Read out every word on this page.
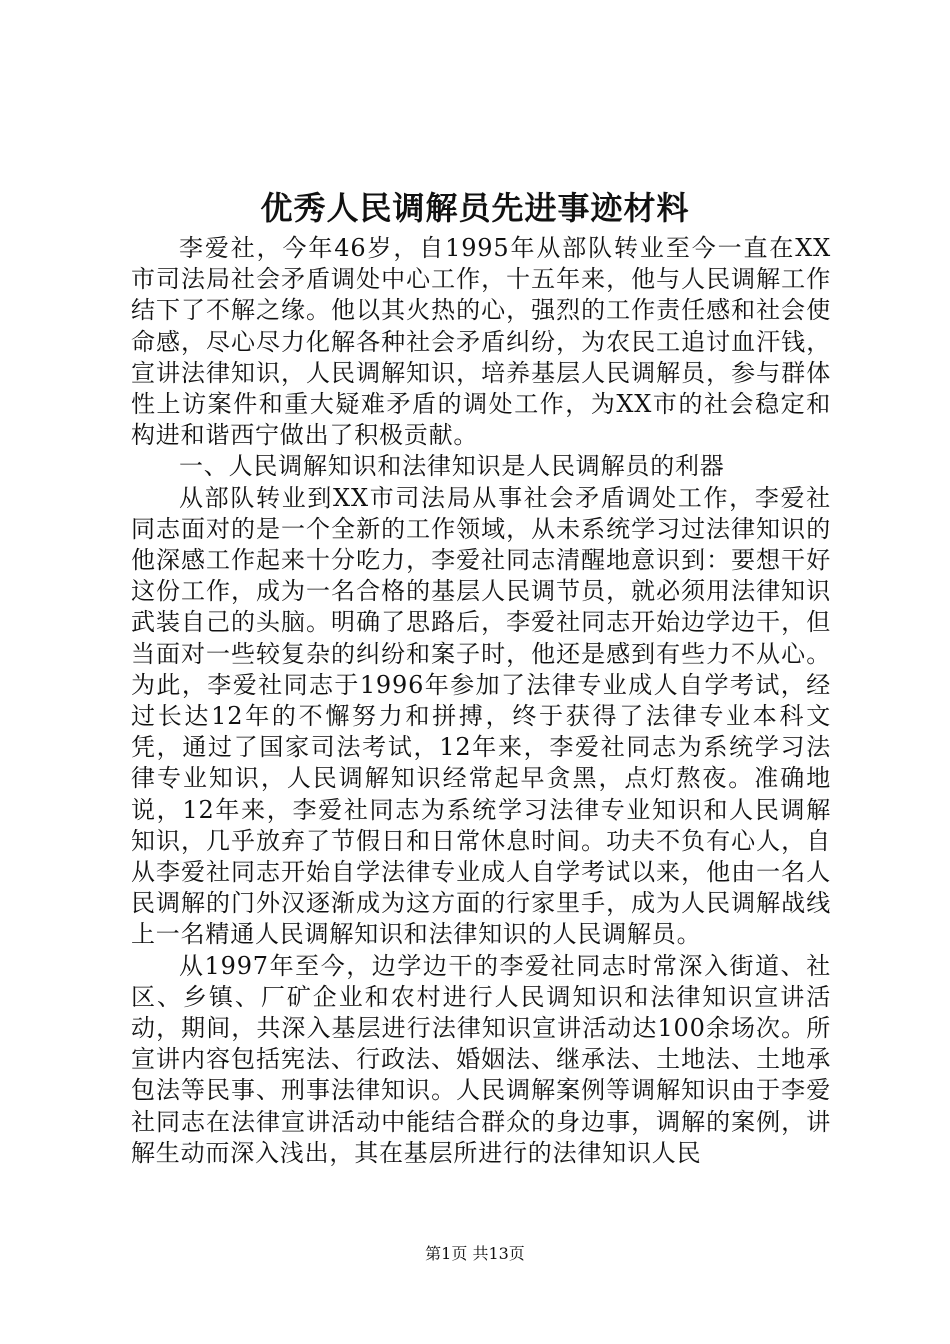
优秀人民调解员先进事迹材料

李爱社，今年46岁，自1995年从部队转业至今一直在XX市司法局社会矛盾调处中心工作，十五年来，他与人民调解工作结下了不解之缘。他以其火热的心，强烈的工作责任感和社会使命感，尽心尽力化解各种社会矛盾纠纷，为农民工追讨血汗钱，宣讲法律知识，人民调解知识，培养基层人民调解员，参与群体性上访案件和重大疑难矛盾的调处工作，为XX市的社会稳定和构进和谐西宁做出了积极贡献。

一、人民调解知识和法律知识是人民调解员的利器

从部队转业到XX市司法局从事社会矛盾调处工作，李爱社同志面对的是一个全新的工作领域，从未系统学习过法律知识的他深感工作起来十分吃力，李爱社同志清醒地意识到：要想干好这份工作，成为一名合格的基层人民调节员，就必须用法律知识武装自己的头脑。明确了思路后，李爱社同志开始边学边干，但当面对一些较复杂的纠纷和案子时，他还是感到有些力不从心。为此，李爱社同志于1996年参加了法律专业成人自学考试，经过长达12年的不懈努力和拼搏，终于获得了法律专业本科文凭，通过了国家司法考试，12年来，李爱社同志为系统学习法律专业知识，人民调解知识经常起早贪黑，点灯熬夜。准确地说，12年来，李爱社同志为系统学习法律专业知识和人民调解知识，几乎放弃了节假日和日常休息时间。功夫不负有心人，自从李爱社同志开始自学法律专业成人自学考试以来，他由一名人民调解的门外汉逐渐成为这方面的行家里手，成为人民调解战线上一名精通人民调解知识和法律知识的人民调解员。

从1997年至今，边学边干的李爱社同志时常深入街道、社区、乡镇、厂矿企业和农村进行人民调知识和法律知识宣讲活动，期间，共深入基层进行法律知识宣讲活动达100余场次。所宣讲内容包括宪法、行政法、婚姻法、继承法、土地法、土地承包法等民事、刑事法律知识。人民调解案例等调解知识由于李爱社同志在法律宣讲活动中能结合群众的身边事，调解的案例，讲解生动而深入浅出，其在基层所进行的法律知识人民

第1页 共13页
